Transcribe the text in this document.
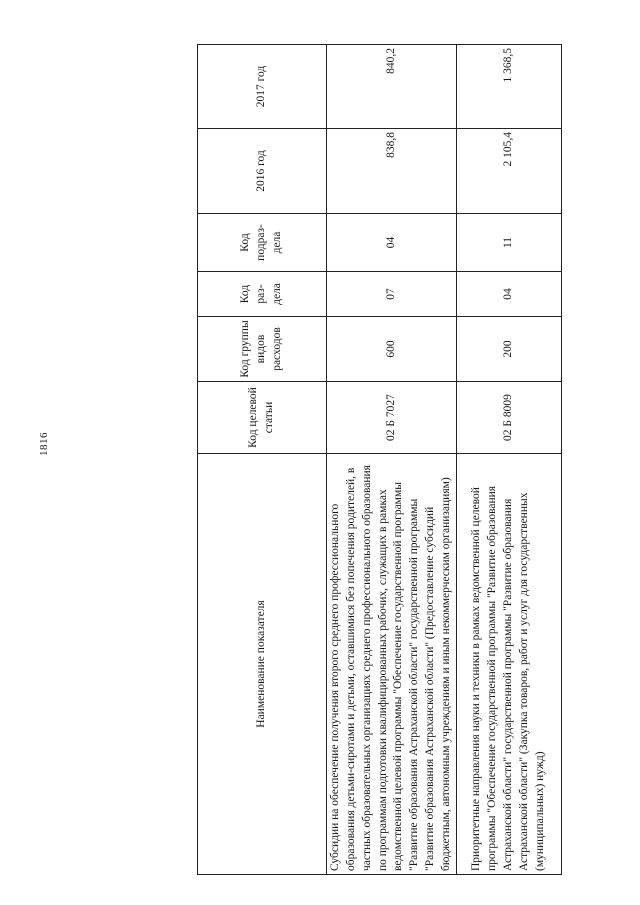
1816
Наименование показателя	Код целевой статьи	Код группы видов расходов	Код раз-дела	Код подраз-дела	2016 год	2017 год
Субсидии на обеспечение получения второго среднего профессионального образования детьми-сиротами и детьми, оставшимися без попечения родителей, в частных образовательных организациях среднего профессионального образования по программам подготовки квалифицированных рабочих, служащих в рамках ведомственной целевой программы "Обеспечение государственной программы "Развитие образования Астраханской области" государственной программы "Развитие образования Астраханской области" (Предоставление субсидий бюджетным, автономным учреждениям и иным некоммерческим организациям)	02 Б 7027	600	07	04	838,8	840,2
Приоритетные направления науки и техники в рамках ведомственной целевой программы "Обеспечение государственной программы "Развитие образования Астраханской области" государственной программы "Развитие образования Астраханской области" (Закупка товаров, работ и услуг для государственных (муниципальных) нужд)	02 Б 8009	200	04	11	2 105,4	1 368,5
